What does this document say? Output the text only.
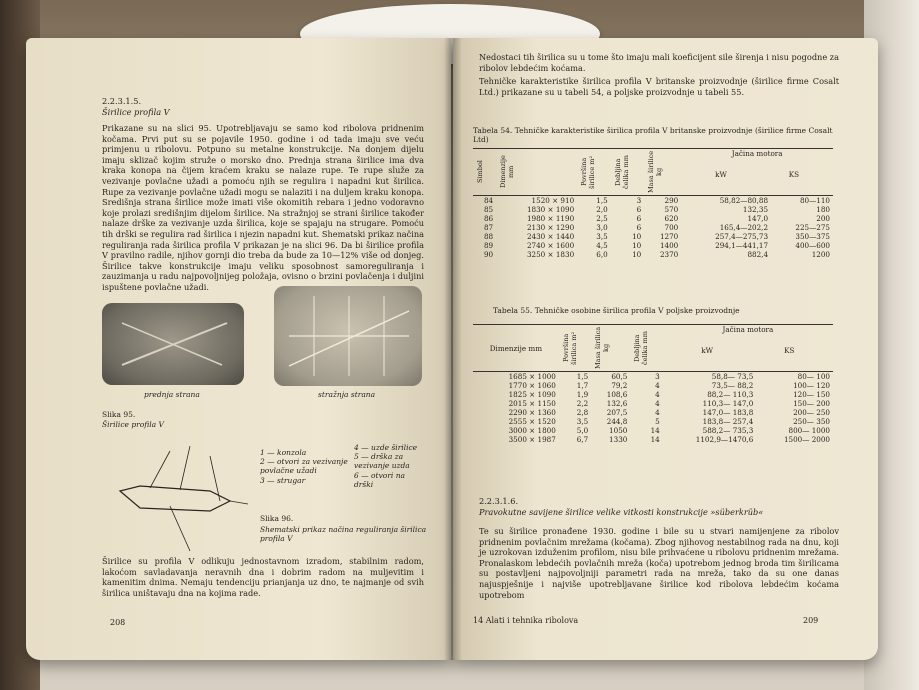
2.2.3.1.5.
Širilice profila V
Prikazane su na slici 95. Upotrebljavaju se samo kod ribolova pridnenim kočama. Prvi put su se pojavile 1950. godine i od tada imaju sve veću primjenu u ribolovu. Potpuno su metalne konstrukcije. Na donjem dijelu imaju sklizač kojim struže o morsko dno. Prednja strana širilice ima dva kraka konopa na čijem kraćem kraku se nalaze rupe. Te rupe služe za vezivanje povlačne užadi a pomoću njih se regulira i napadni kut širilica. Rupe za vezivanje povlačne užadi mogu se nalaziti i na duljem kraku konopa. Središnja strana širilice može imati više okomitih rebara i jedno vodoravno koje prolazi središnjim dijelom širilice. Na stražnjoj se strani širilice također nalaze drške za vezivanje uzda širilica, koje se spajaju na strugare. Pomoću tih drški se regulira rad širilica i njezin napadni kut. Shematski prikaz načina reguliranja rada širilica profila V prikazan je na slici 96. Da bi širilice profila V pravilno radile, njihov gornji dio treba da bude za 10—12% više od donjeg. Širilice takve konstrukcije imaju veliku sposobnost samoreguliranja i zauzimanja u radu najpovoljnijeg položaja, ovisno o brzini povlačenja i duljini ispuštene povlačne užadi.
prednja strana	stražnja strana
Slika 95.
Širilice profila V
1 — konzola
2 — otvori za vezivanje povlačne užadi
3 — strugar
4 — uzde širilice
5 — drška za vezivanje uzda
6 — otvori na drški
Slika 96.
Shematski prikaz načina reguliranja širilica profila V
Širilice su profila V odlikuju jednostavnom izradom, stabilnim radom, lakoćom savladavanja neravnih dna i dobrim radom na muljevitim i kamenitim dnima. Nemaju tendenciju prianjanja uz dno, te najmanje od svih širilica uništavaju dna na kojima rade.
208
Nedostaci tih širilica su u tome što imaju mali koeficijent sile širenja i nisu pogodne za ribolov lebdećim koćama.
Tehničke karakteristike širilica profila V britanske proizvodnje (širilice firme Cosalt Ltd.) prikazane su u tabeli 54, a poljske proizvodnje u tabeli 55.
Tabela 54. Tehničke karakteristike širilica profila V britanske proizvodnje (širilice firme Cosalt Ltd)
Simbol	Dimenzije mm	Površina širilice m²	Debljina čelika mm	Masa širilice kg	Jačina motora
kW KS	

84	1520 × 910	1,5	3	290	58,82—80,88	80—110
85	1830 × 1090	2,0	6	570	132,35	180
86	1980 × 1190	2,5	6	620	147,0	200
87	2130 × 1290	3,0	6	700	165,4—202,2	225—275
88	2430 × 1440	3,5	10	1270	257,4—275,73	350—375
89	2740 × 1600	4,5	10	1400	294,1—441,17	400—600
90	3250 × 1830	6,0	10	2370	882,4	1200
Tabela 55. Tehničke osobine širilica profila V poljske proizvodnje
Dimenzije mm	Površina širilica m²	Masa širilica kg	Debljina čelika mm	Jačina motora
kW KS	

1685 × 1000	1,5	60,5	3	58,8— 73,5	80— 100
1770 × 1060	1,7	79,2	4	73,5— 88,2	100— 120
1825 × 1090	1,9	108,6	4	88,2— 110,3	120— 150
2015 × 1150	2,2	132,6	4	110,3— 147,0	150— 200
2290 × 1360	2,8	207,5	4	147,0— 183,8	200— 250
2555 × 1520	3,5	244,8	5	183,8— 257,4	250— 350
3000 × 1800	5,0	1050	14	588,2— 735,3	800— 1000
3500 × 1987	6,7	1330	14	1102,9—1470,6	1500— 2000
2.2.3.1.6.
Pravokutne savijene širilice velike vitkosti konstrukcije »süberkrüb«
Te su širilice pronađene 1930. godine i bile su u stvari namijenjene za ribolov pridnenim povlačnim mrežama (kočama). Zbog njihovog nestabilnog rada na dnu, koji je uzrokovan izduženim profilom, nisu bile prihvaćene u ribolovu pridnenim mrežama. Pronalaskom lebdećih povlačnih mreža (koča) upotrebom jednog broda tim širilicama su postavljeni najpovoljniji parametri rada na mreža, tako da su one danas najuspješnije i najviše upotrebljavane širilice kod ribolova lebdećim koćama upotrebom
14 Alati i tehnika ribolova	209
